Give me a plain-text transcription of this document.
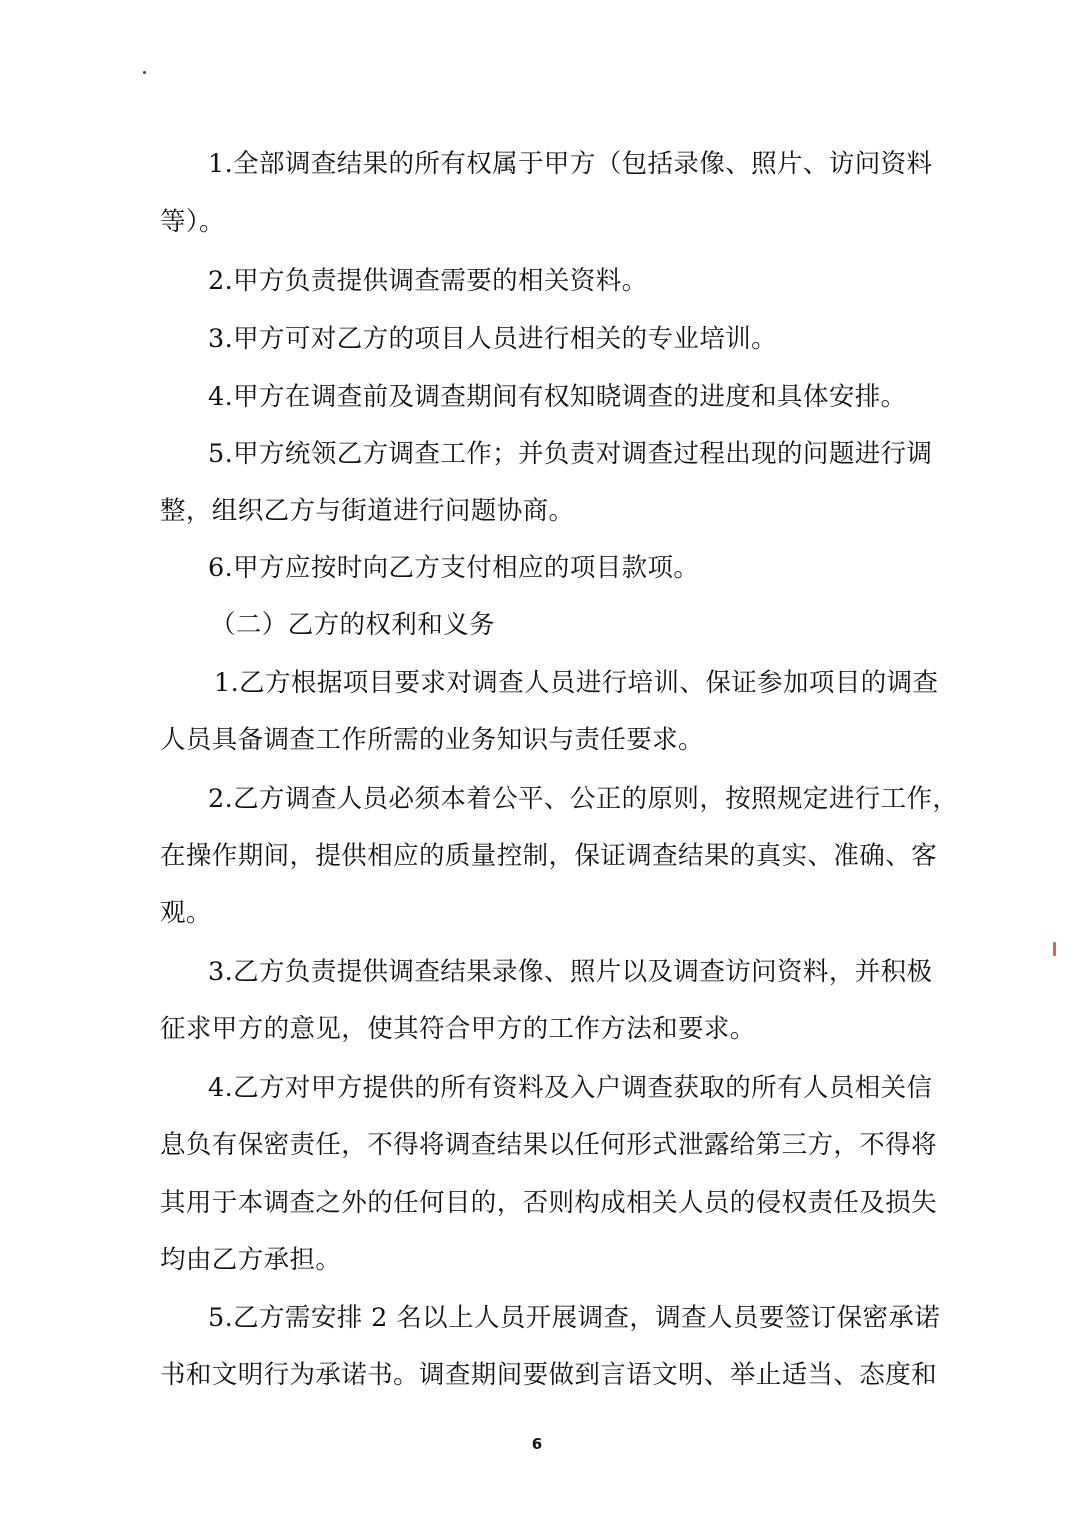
1.全部调查结果的所有权属于甲方（包括录像、照片、访问资料
等）。
2.甲方负责提供调查需要的相关资料。
3.甲方可对乙方的项目人员进行相关的专业培训。
4.甲方在调查前及调查期间有权知晓调查的进度和具体安排。
5.甲方统领乙方调查工作；并负责对调查过程出现的问题进行调
整，组织乙方与街道进行问题协商。
6.甲方应按时向乙方支付相应的项目款项。
（二）乙方的权利和义务
1.乙方根据项目要求对调查人员进行培训、保证参加项目的调查
人员具备调查工作所需的业务知识与责任要求。
2.乙方调查人员必须本着公平、公正的原则，按照规定进行工作，
在操作期间，提供相应的质量控制，保证调查结果的真实、准确、客
观。
3.乙方负责提供调查结果录像、照片以及调查访问资料，并积极
征求甲方的意见，使其符合甲方的工作方法和要求。
4.乙方对甲方提供的所有资料及入户调查获取的所有人员相关信
息负有保密责任，不得将调查结果以任何形式泄露给第三方，不得将
其用于本调查之外的任何目的，否则构成相关人员的侵权责任及损失
均由乙方承担。
5.乙方需安排 2 名以上人员开展调查，调查人员要签订保密承诺
书和文明行为承诺书。调查期间要做到言语文明、举止适当、态度和
6
